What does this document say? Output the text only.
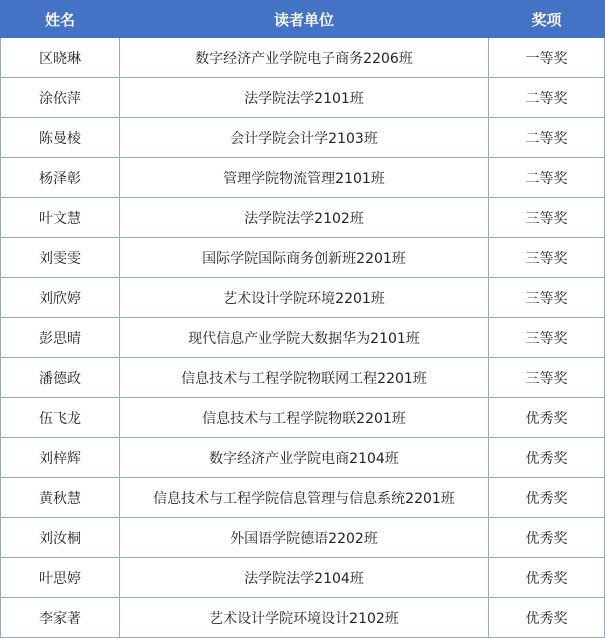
姓名	读者单位	奖项
区晓琳	数字经济产业学院电子商务2206班	一等奖
涂依萍	法学院法学2101班	二等奖
陈曼棱	会计学院会计学2103班	二等奖
杨泽彰	管理学院物流管理2101班	二等奖
叶文慧	法学院法学2102班	三等奖
刘雯雯	国际学院国际商务创新班2201班	三等奖
刘欣婷	艺术设计学院环境2201班	三等奖
彭思晴	现代信息产业学院大数据华为2101班	三等奖
潘德政	信息技术与工程学院物联网工程2201班	三等奖
伍飞龙	信息技术与工程学院物联2201班	优秀奖
刘梓辉	数字经济产业学院电商2104班	优秀奖
黄秋慧	信息技术与工程学院信息管理与信息系统2201班	优秀奖
刘汝桐	外国语学院德语2202班	优秀奖
叶思婷	法学院法学2104班	优秀奖
李家著	艺术设计学院环境设计2102班	优秀奖
